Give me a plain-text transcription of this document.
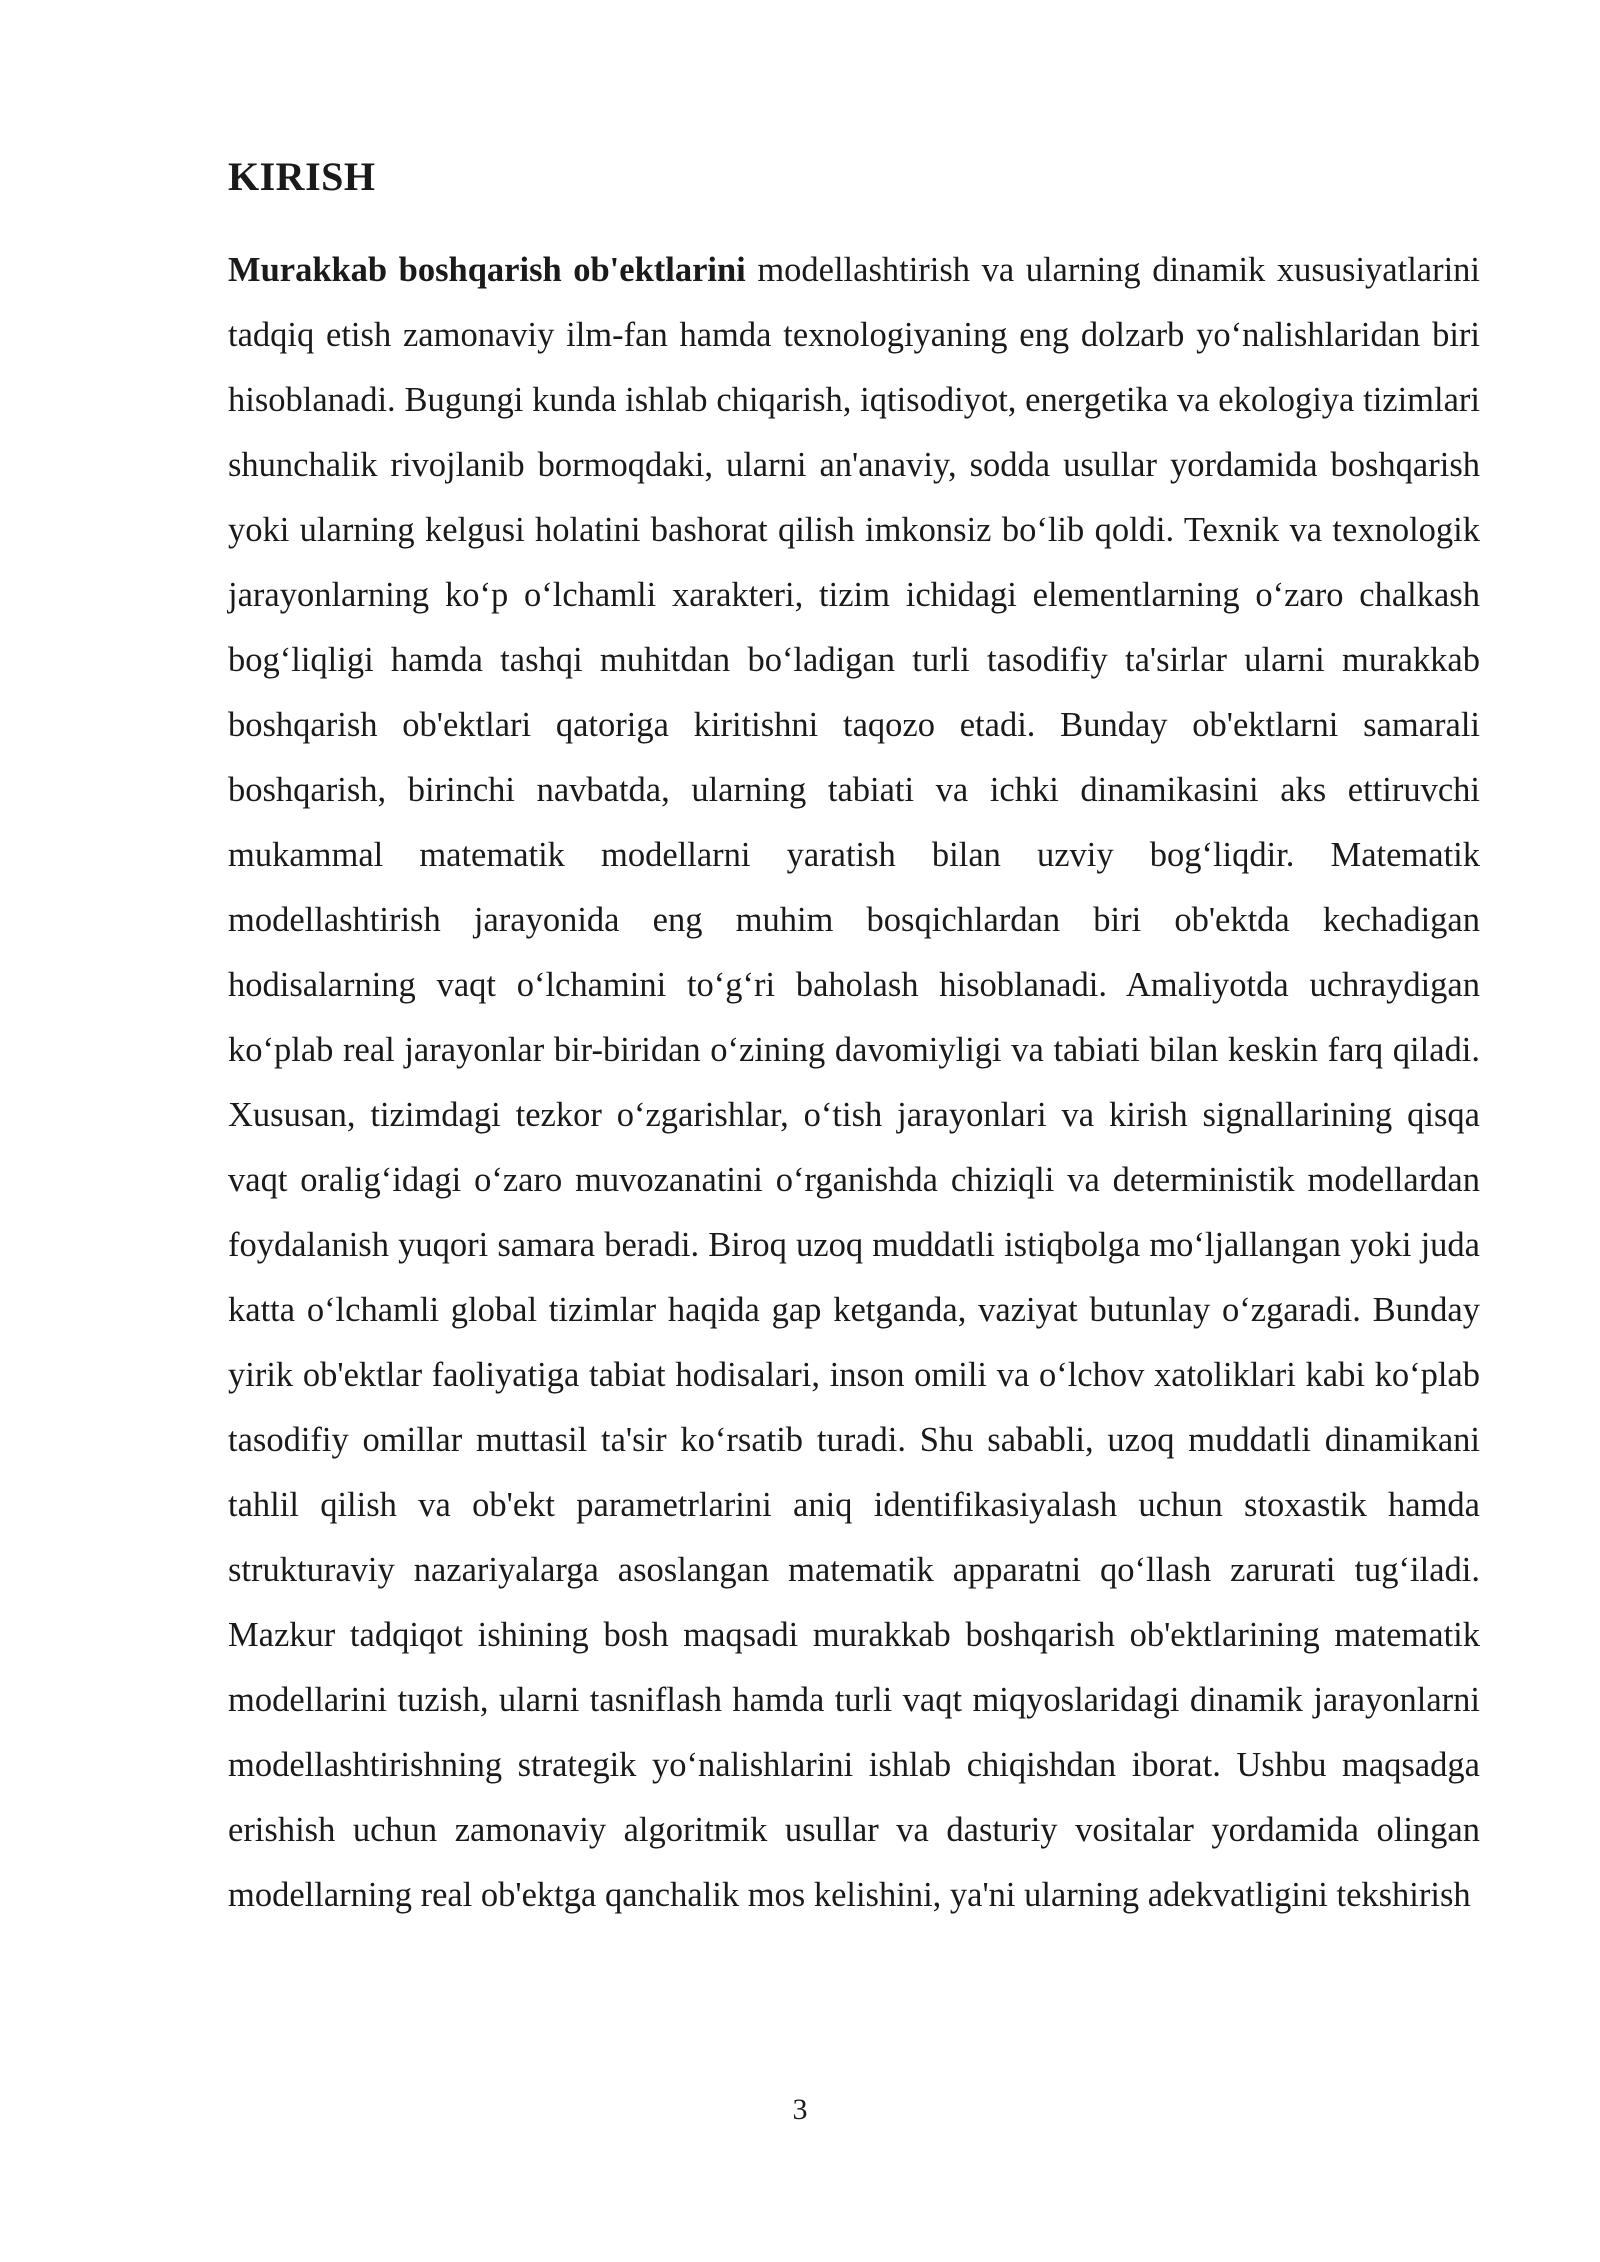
KIRISH

Murakkab boshqarish ob'ektlarini modellashtirish va ularning dinamik xususiyatlarini tadqiq etish zamonaviy ilm-fan hamda texnologiyaning eng dolzarb yo‘nalishlaridan biri hisoblanadi. Bugungi kunda ishlab chiqarish, iqtisodiyot, energetika va ekologiya tizimlari shunchalik rivojlanib bormoqdaki, ularni an'anaviy, sodda usullar yordamida boshqarish yoki ularning kelgusi holatini bashorat qilish imkonsiz bo‘lib qoldi. Texnik va texnologik jarayonlarning ko‘p o‘lchamli xarakteri, tizim ichidagi elementlarning o‘zaro chalkash bog‘liqligi hamda tashqi muhitdan bo‘ladigan turli tasodifiy ta'sirlar ularni murakkab boshqarish ob'ektlari qatoriga kiritishni taqozo etadi. Bunday ob'ektlarni samarali boshqarish, birinchi navbatda, ularning tabiati va ichki dinamikasini aks ettiruvchi mukammal matematik modellarni yaratish bilan uzviy bog‘liqdir. Matematik modellashtirish jarayonida eng muhim bosqichlardan biri ob'ektda kechadigan hodisalarning vaqt o‘lchamini to‘g‘ri baholash hisoblanadi. Amaliyotda uchraydigan ko‘plab real jarayonlar bir-biridan o‘zining davomiyligi va tabiati bilan keskin farq qiladi. Xususan, tizimdagi tezkor o‘zgarishlar, o‘tish jarayonlari va kirish signallarining qisqa vaqt oralig‘idagi o‘zaro muvozanatini o‘rganishda chiziqli va deterministik modellardan foydalanish yuqori samara beradi. Biroq uzoq muddatli istiqbolga mo‘ljallangan yoki juda katta o‘lchamli global tizimlar haqida gap ketganda, vaziyat butunlay o‘zgaradi. Bunday yirik ob'ektlar faoliyatiga tabiat hodisalari, inson omili va o‘lchov xatoliklari kabi ko‘plab tasodifiy omillar muttasil ta'sir ko‘rsatib turadi. Shu sababli, uzoq muddatli dinamikani tahlil qilish va ob'ekt parametrlarini aniq identifikasiyalash uchun stoxastik hamda strukturaviy nazariyalarga asoslangan matematik apparatni qo‘llash zarurati tug‘iladi. Mazkur tadqiqot ishining bosh maqsadi murakkab boshqarish ob'ektlarining matematik modellarini tuzish, ularni tasniflash hamda turli vaqt miqyoslaridagi dinamik jarayonlarni modellashtirishning strategik yo‘nalishlarini ishlab chiqishdan iborat. Ushbu maqsadga erishish uchun zamonaviy algoritmik usullar va dasturiy vositalar yordamida olingan modellarning real ob'ektga qanchalik mos kelishini, ya'ni ularning adekvatligini tekshirish

3
